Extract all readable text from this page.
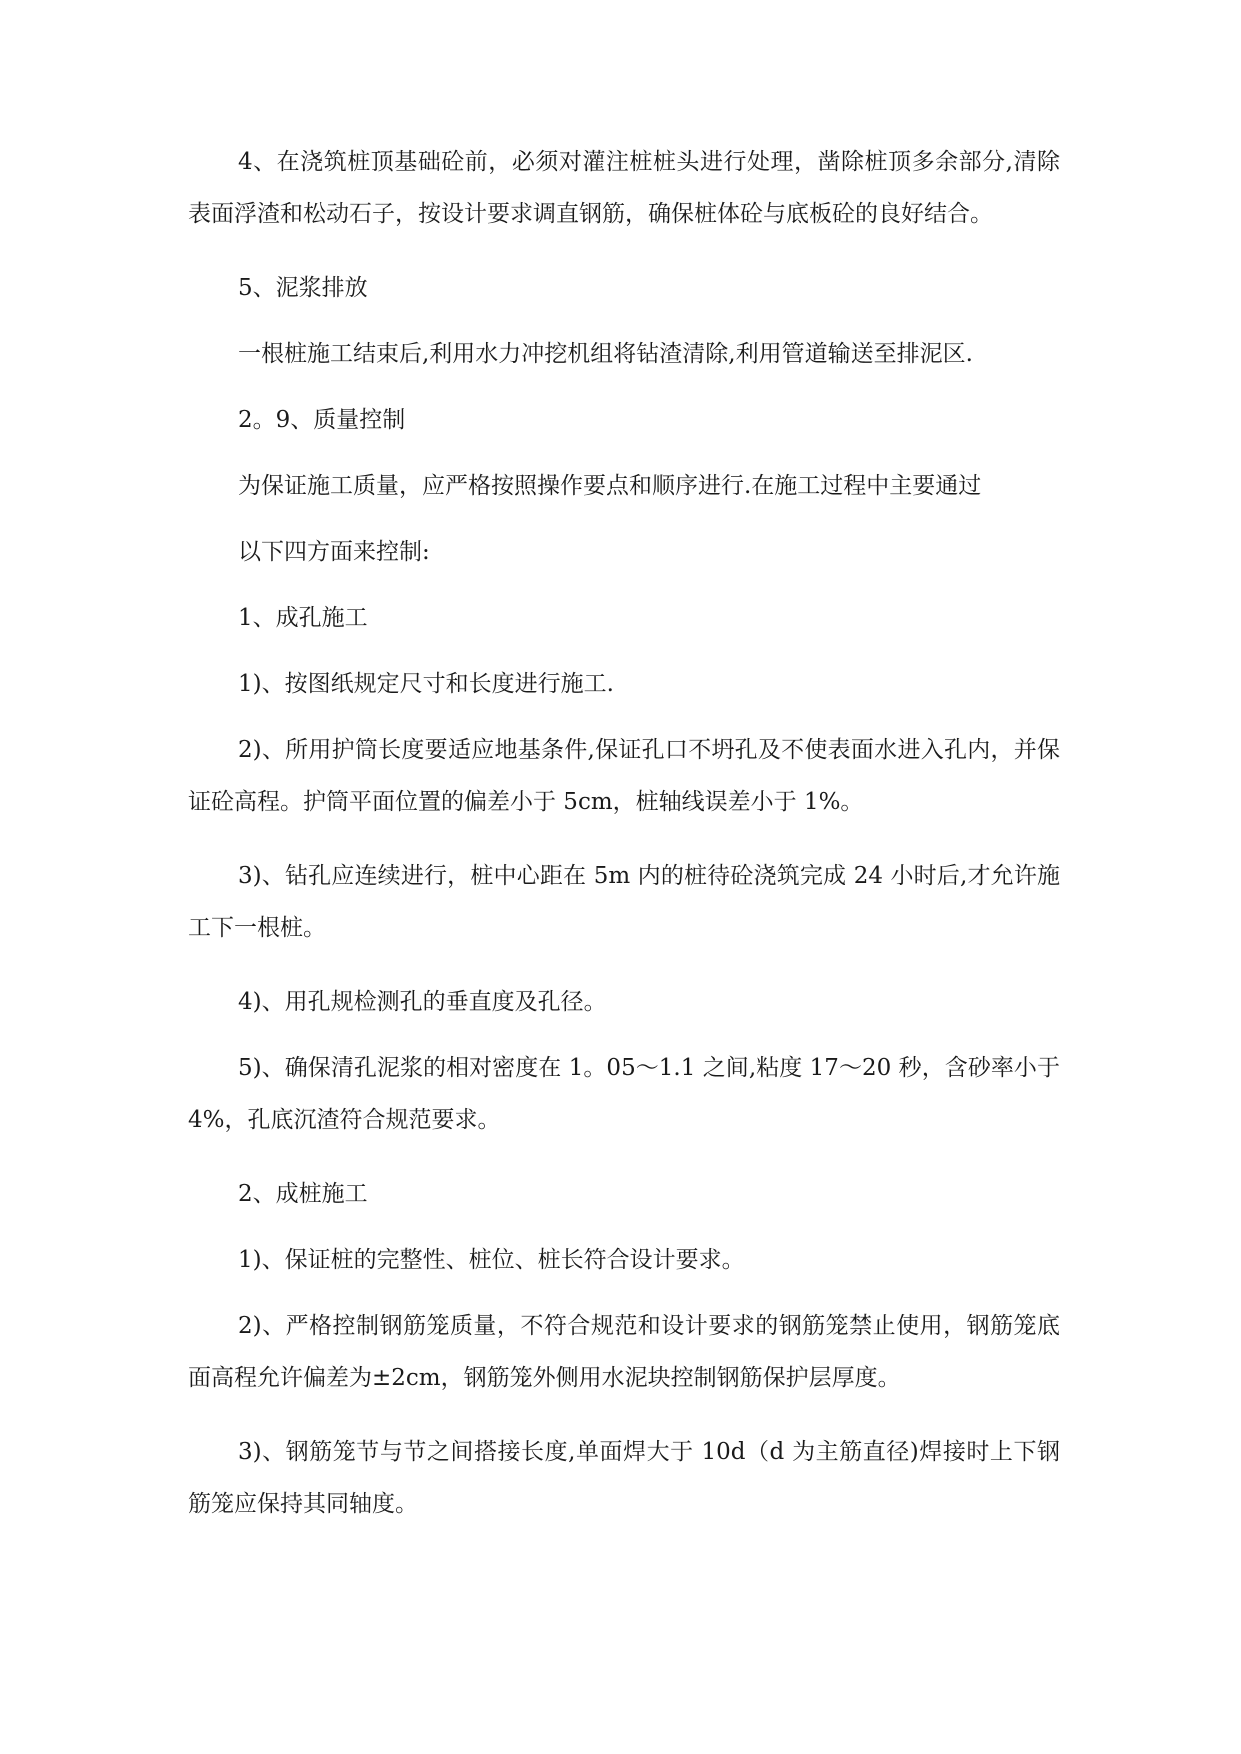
4、在浇筑桩顶基础砼前，必须对灌注桩桩头进行处理，凿除桩顶多余部分,清除表面浮渣和松动石子，按设计要求调直钢筋，确保桩体砼与底板砼的良好结合。

5、泥浆排放

一根桩施工结束后,利用水力冲挖机组将钻渣清除,利用管道输送至排泥区.

2。9、质量控制

为保证施工质量，应严格按照操作要点和顺序进行.在施工过程中主要通过

以下四方面来控制:

1、成孔施工

1)、按图纸规定尺寸和长度进行施工.

2)、所用护筒长度要适应地基条件,保证孔口不坍孔及不使表面水进入孔内，并保证砼高程。护筒平面位置的偏差小于 5cm，桩轴线误差小于 1%。

3)、钻孔应连续进行，桩中心距在 5m 内的桩待砼浇筑完成 24 小时后,才允许施工下一根桩。

4)、用孔规检测孔的垂直度及孔径。

5)、确保清孔泥浆的相对密度在 1。05～1.1 之间,粘度 17～20 秒，含砂率小于 4%，孔底沉渣符合规范要求。

2、成桩施工

1)、保证桩的完整性、桩位、桩长符合设计要求。

2)、严格控制钢筋笼质量，不符合规范和设计要求的钢筋笼禁止使用，钢筋笼底面高程允许偏差为±2cm，钢筋笼外侧用水泥块控制钢筋保护层厚度。

3)、钢筋笼节与节之间搭接长度,单面焊大于 10d（d 为主筋直径)焊接时上下钢筋笼应保持其同轴度。
